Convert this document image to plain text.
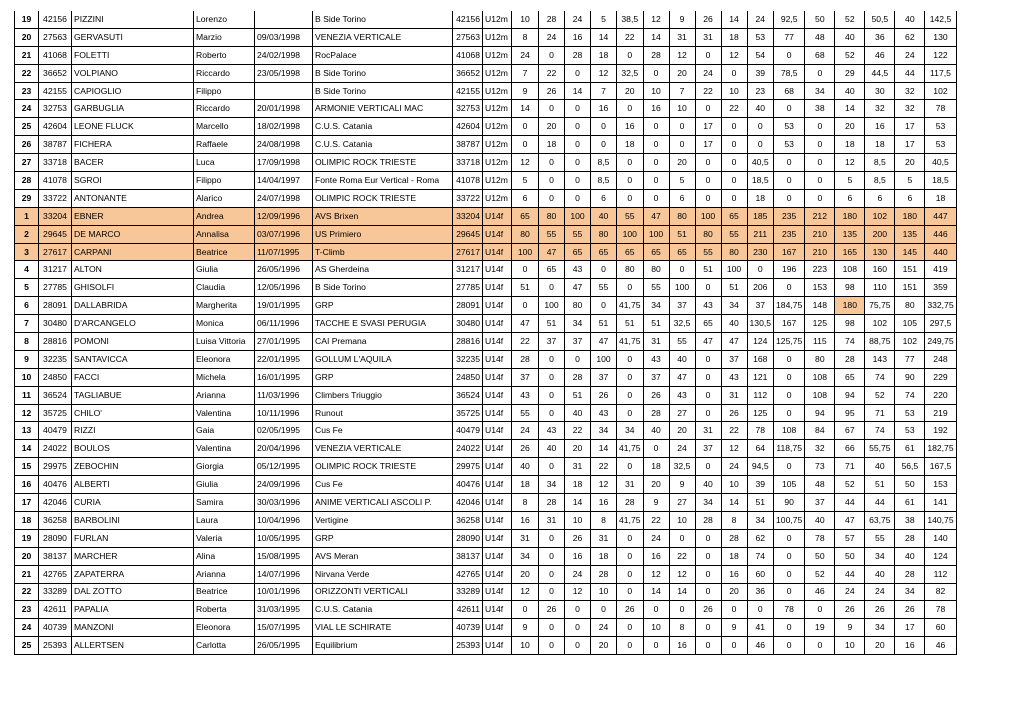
19	42156	PIZZINI	Lorenzo		B Side Torino	42156	U12m	10	28	24	5	38,5	12	9	26	14	24	92,5	50	52	50,5	40	142,5
20	27563	GERVASUTI	Marzio	09/03/1998	VENEZIA VERTICALE	27563	U12m	8	24	16	14	22	14	31	31	18	53	77	48	40	36	62	130
21	41068	FOLETTI	Roberto	24/02/1998	RocPalace	41068	U12m	24	0	28	18	0	28	12	0	12	54	0	68	52	46	24	122
22	36652	VOLPIANO	Riccardo	23/05/1998	B Side Torino	36652	U12m	7	22	0	12	32,5	0	20	24	0	39	78,5	0	29	44,5	44	117,5
23	42155	CAPIOGLIO	Filippo		B Side Torino	42155	U12m	9	26	14	7	20	10	7	22	10	23	68	34	40	30	32	102
24	32753	GARBUGLIA	Riccardo	20/01/1998	ARMONIE VERTICALI MAC	32753	U12m	14	0	0	16	0	16	10	0	22	40	0	38	14	32	32	78
25	42604	LEONE FLUCK	Marcello	18/02/1998	C.U.S. Catania	42604	U12m	0	20	0	0	16	0	0	17	0	0	53	0	20	16	17	53
26	38787	FICHERA	Raffaele	24/08/1998	C.U.S. Catania	38787	U12m	0	18	0	0	18	0	0	17	0	0	53	0	18	18	17	53
27	33718	BACER	Luca	17/09/1998	OLIMPIC ROCK TRIESTE	33718	U12m	12	0	0	8,5	0	0	20	0	0	40,5	0	0	12	8,5	20	40,5
28	41078	SGROI	Filippo	14/04/1997	Fonte Roma Eur Vertical - Roma	41078	U12m	5	0	0	8,5	0	0	5	0	0	18,5	0	0	5	8,5	5	18,5
29	33722	ANTONANTE	Alarico	24/07/1998	OLIMPIC ROCK TRIESTE	33722	U12m	6	0	0	6	0	0	6	0	0	18	0	0	6	6	6	18
1	33204	EBNER	Andrea	12/09/1996	AVS Brixen	33204	U14f	65	80	100	40	55	47	80	100	65	185	235	212	180	102	180	447
2	29645	DE MARCO	Annalisa	03/07/1996	US Primiero	29645	U14f	80	55	55	80	100	100	51	80	55	211	235	210	135	200	135	446
3	27617	CARPANI	Beatrice	11/07/1995	T-Climb	27617	U14f	100	47	65	65	65	65	65	55	80	230	167	210	165	130	145	440
4	31217	ALTON	Giulia	26/05/1996	AS Gherdeina	31217	U14f	0	65	43	0	80	80	0	51	100	0	196	223	108	160	151	419
5	27785	GHISOLFI	Claudia	12/05/1996	B Side Torino	27785	U14f	51	0	47	55	0	55	100	0	51	206	0	153	98	110	151	359
6	28091	DALLABRIDA	Margherita	19/01/1995	GRP	28091	U14f	0	100	80	0	41,75	34	37	43	34	37	184,75	148	180	75,75	80	332,75
7	30480	D'ARCANGELO	Monica	06/11/1996	TACCHE E SVASI PERUGIA	30480	U14f	47	51	34	51	51	51	32,5	65	40	130,5	167	125	98	102	105	297,5
8	28816	POMONI	Luisa Vittoria	27/01/1995	CAI Premana	28816	U14f	22	37	37	47	41,75	31	55	47	47	124	125,75	115	74	88,75	102	249,75
9	32235	SANTAVICCA	Eleonora	22/01/1995	GOLLUM L'AQUILA	32235	U14f	28	0	0	100	0	43	40	0	37	168	0	80	28	143	77	248
10	24850	FACCI	Michela	16/01/1995	GRP	24850	U14f	37	0	28	37	0	37	47	0	43	121	0	108	65	74	90	229
11	36524	TAGLIABUE	Arianna	11/03/1996	Climbers Triuggio	36524	U14f	43	0	51	26	0	26	43	0	31	112	0	108	94	52	74	220
12	35725	CHILO'	Valentina	10/11/1996	Runout	35725	U14f	55	0	40	43	0	28	27	0	26	125	0	94	95	71	53	219
13	40479	RIZZI	Gaia	02/05/1995	Cus Fe	40479	U14f	24	43	22	34	34	40	20	31	22	78	108	84	67	74	53	192
14	24022	BOULOS	Valentina	20/04/1996	VENEZIA VERTICALE	24022	U14f	26	40	20	14	41,75	0	24	37	12	64	118,75	32	66	55,75	61	182,75
15	29975	ZEBOCHIN	Giorgia	05/12/1995	OLIMPIC ROCK TRIESTE	29975	U14f	40	0	31	22	0	18	32,5	0	24	94,5	0	73	71	40	56,5	167,5
16	40476	ALBERTI	Giulia	24/09/1996	Cus Fe	40476	U14f	18	34	18	12	31	20	9	40	10	39	105	48	52	51	50	153
17	42046	CURIA	Samira	30/03/1996	ANIME VERTICALI ASCOLI P.	42046	U14f	8	28	14	16	28	9	27	34	14	51	90	37	44	44	61	141
18	36258	BARBOLINI	Laura	10/04/1996	Vertigine	36258	U14f	16	31	10	8	41,75	22	10	28	8	34	100,75	40	47	63,75	38	140,75
19	28090	FURLAN	Valeria	10/05/1995	GRP	28090	U14f	31	0	26	31	0	24	0	0	28	62	0	78	57	55	28	140
20	38137	MARCHER	Alina	15/08/1995	AVS Meran	38137	U14f	34	0	16	18	0	16	22	0	18	74	0	50	50	34	40	124
21	42765	ZAPATERRA	Arianna	14/07/1996	Nirvana Verde	42765	U14f	20	0	24	28	0	12	12	0	16	60	0	52	44	40	28	112
22	33289	DAL ZOTTO	Beatrice	10/01/1996	ORIZZONTI VERTICALI	33289	U14f	12	0	12	10	0	14	14	0	20	36	0	46	24	24	34	82
23	42611	PAPALIA	Roberta	31/03/1995	C.U.S. Catania	42611	U14f	0	26	0	0	26	0	0	26	0	0	78	0	26	26	26	78
24	40739	MANZONI	Eleonora	15/07/1995	VIAL LE SCHIRATE	40739	U14f	9	0	0	24	0	10	8	0	9	41	0	19	9	34	17	60
25	25393	ALLERTSEN	Carlotta	26/05/1995	Equilibrium	25393	U14f	10	0	0	20	0	0	16	0	0	46	0	0	10	20	16	46
